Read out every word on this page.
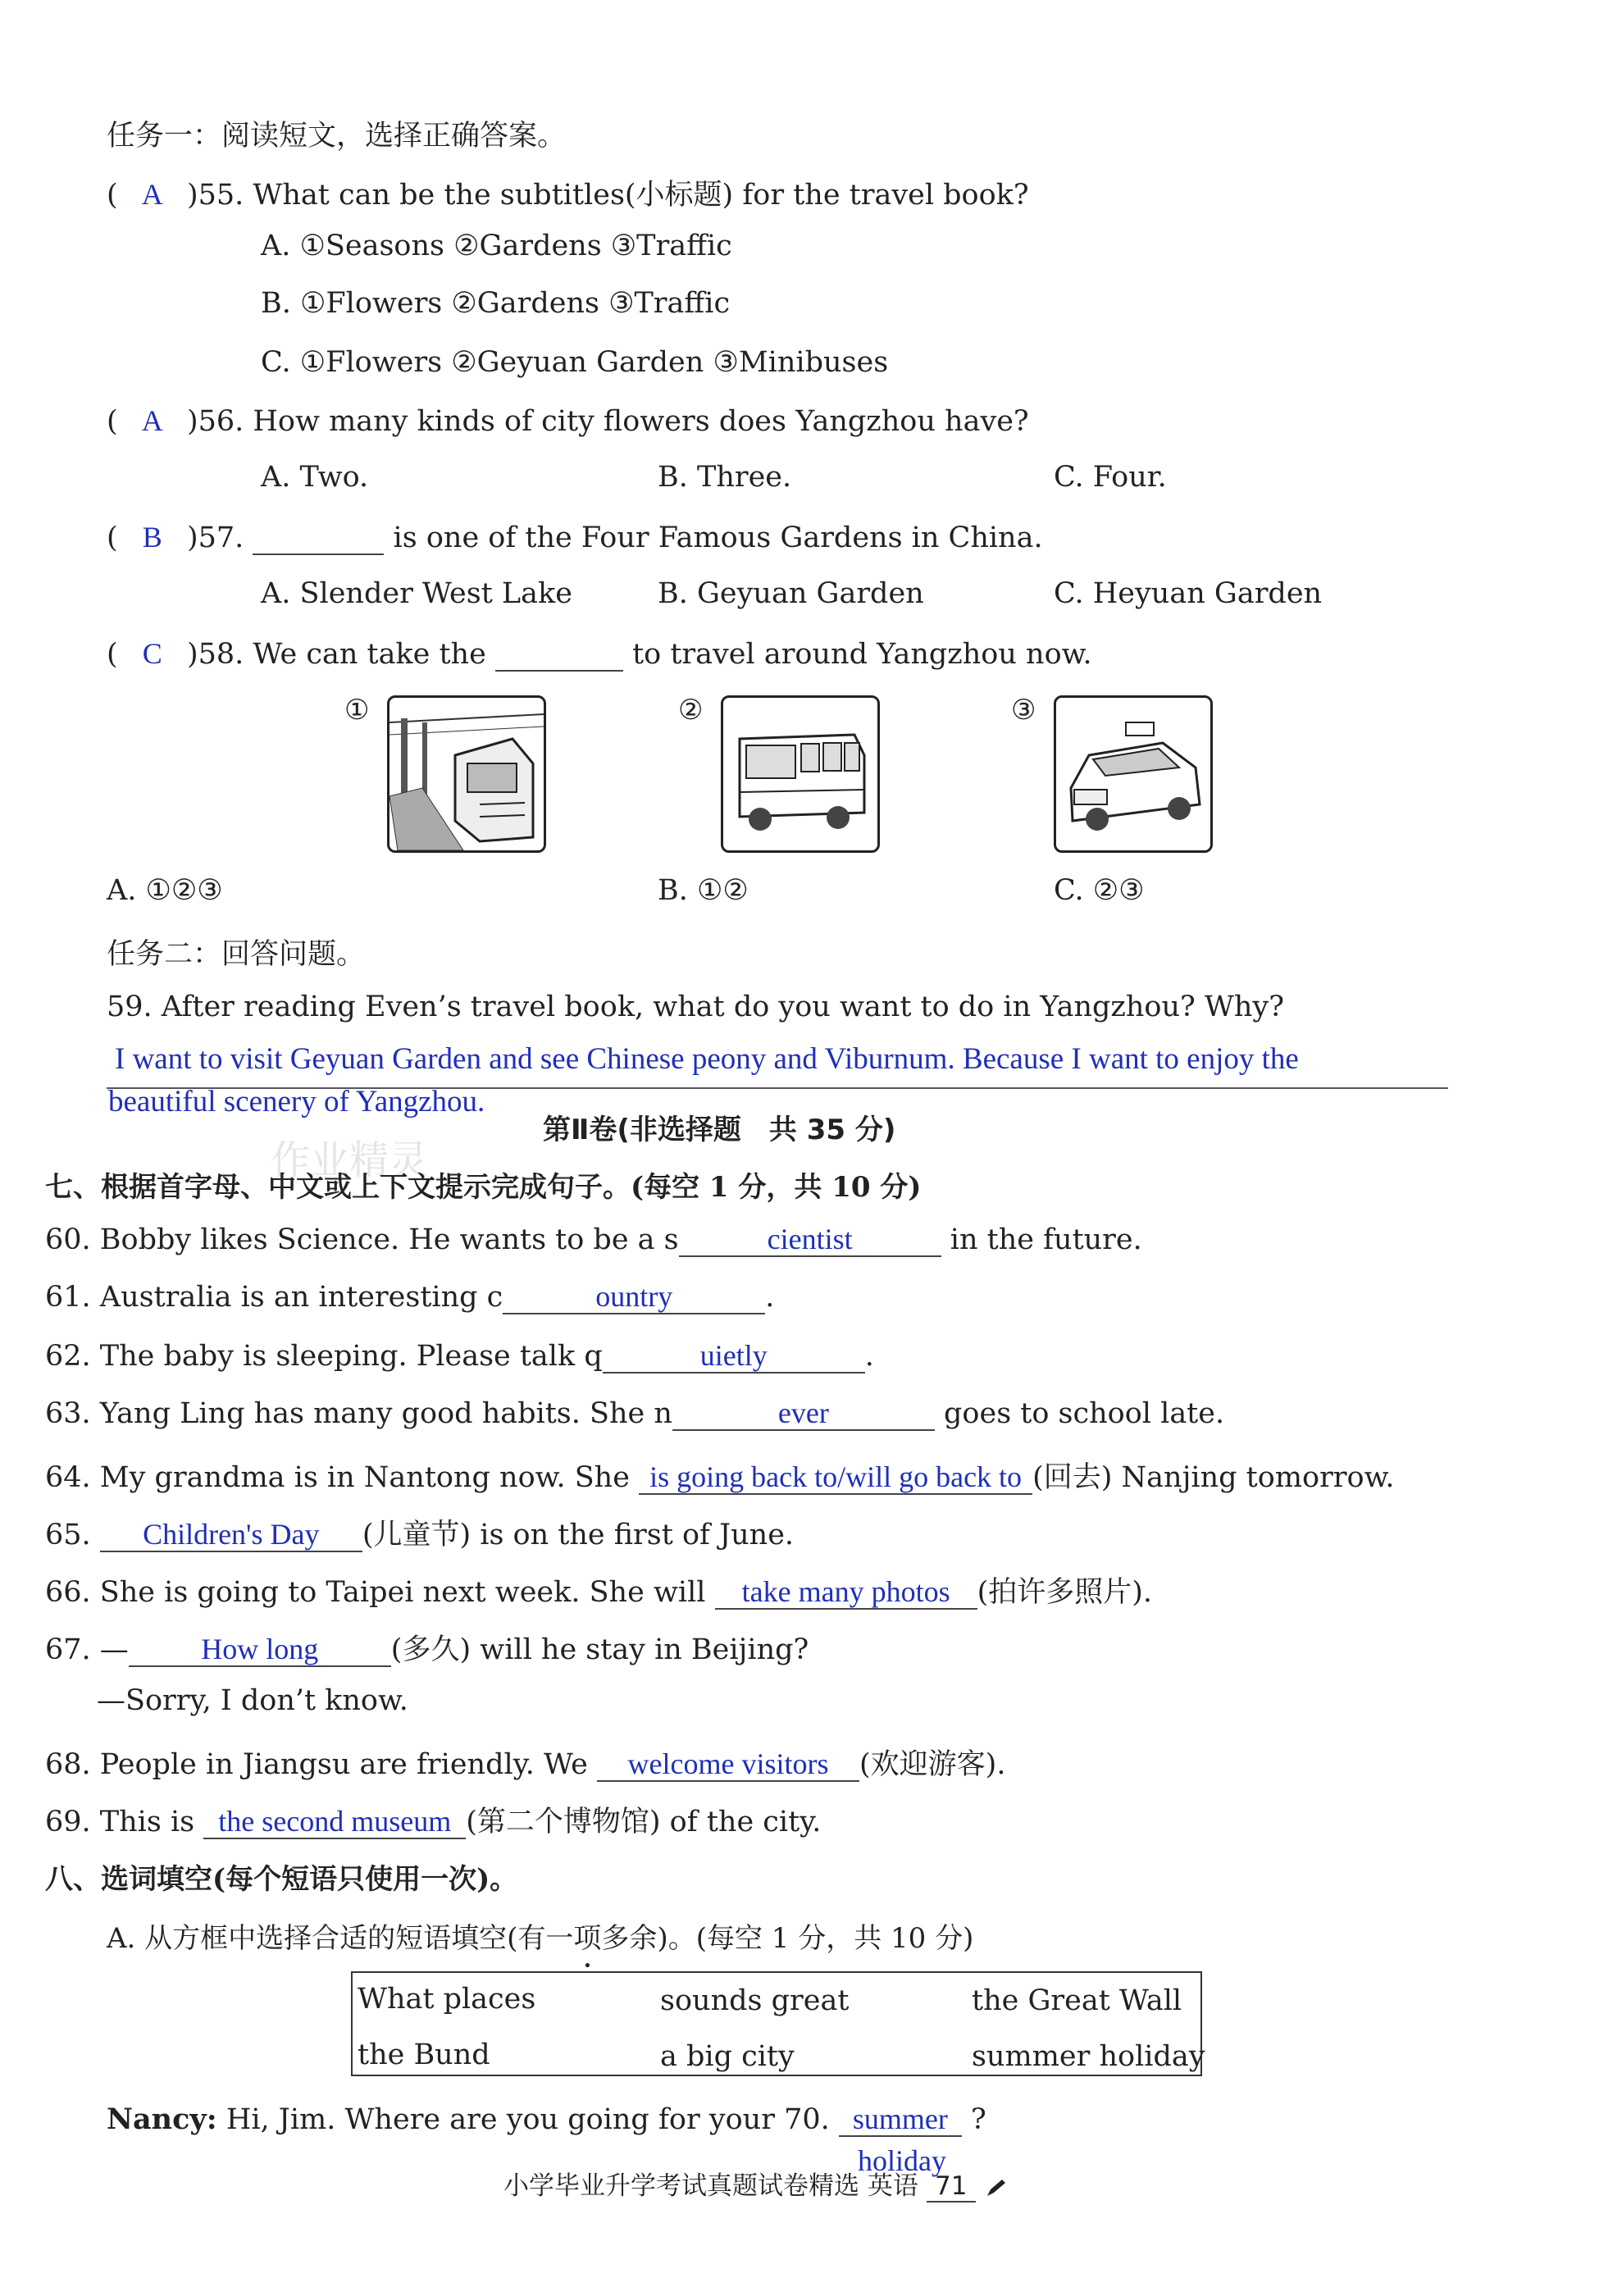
任务一：阅读短文，选择正确答案。
( A )55. What can be the subtitles(小标题) for the travel book?
A. ①Seasons ②Gardens ③Traffic
B. ①Flowers ②Gardens ③Traffic
C. ①Flowers ②Geyuan Garden ③Minibuses
( A )56. How many kinds of city flowers does Yangzhou have?
A. Two.	B. Three.	C. Four.
( B )57.	is one of the Four Famous Gardens in China.
A. Slender West Lake	B. Geyuan Garden	C. Heyuan Garden
( C )58. We can take the	to travel around Yangzhou now.
①	②	③
A. ①②③	B. ①②	C. ②③
任务二：回答问题。
59. After reading Even’s travel book, what do you want to do in Yangzhou? Why?
I want to visit Geyuan Garden and see Chinese peony and Viburnum. Because I want to enjoy the
beautiful scenery of Yangzhou.
作业精灵
第Ⅱ卷(非选择题　共 35 分)
七、根据首字母、中文或上下文提示完成句子。(每空 1 分，共 10 分)
60. Bobby likes Science. He wants to be a s	cientist	in the future.
61. Australia is an interesting c	ountry	.
62. The baby is sleeping. Please talk q	uietly	.
63. Yang Ling has many good habits. She n	ever	goes to school late.
64. My grandma is in Nantong now. She is going back to/will go back to (回去) Nanjing tomorrow.
65. Children's Day (儿童节) is on the first of June.
66. She is going to Taipei next week. She will take many photos (拍许多照片).
67. — How long	(多久) will he stay in Beijing?
—Sorry, I don’t know.
68. People in Jiangsu are friendly. We welcome visitors (欢迎游客).
69. This is the second museum (第二个博物馆) of the city.
八、选词填空(每个短语只使用一次)。
A. 从方框中选择合适的短语填空(有一项多余 •)。(每空 1 分，共 10 分)
What places	sounds great	the Great Wall
the Bund	a big city	summer holiday
Nancy: Hi, Jim. Where are you going for your 70. summer ?
holiday
小学毕业升学考试真题试卷精选 英语 71
